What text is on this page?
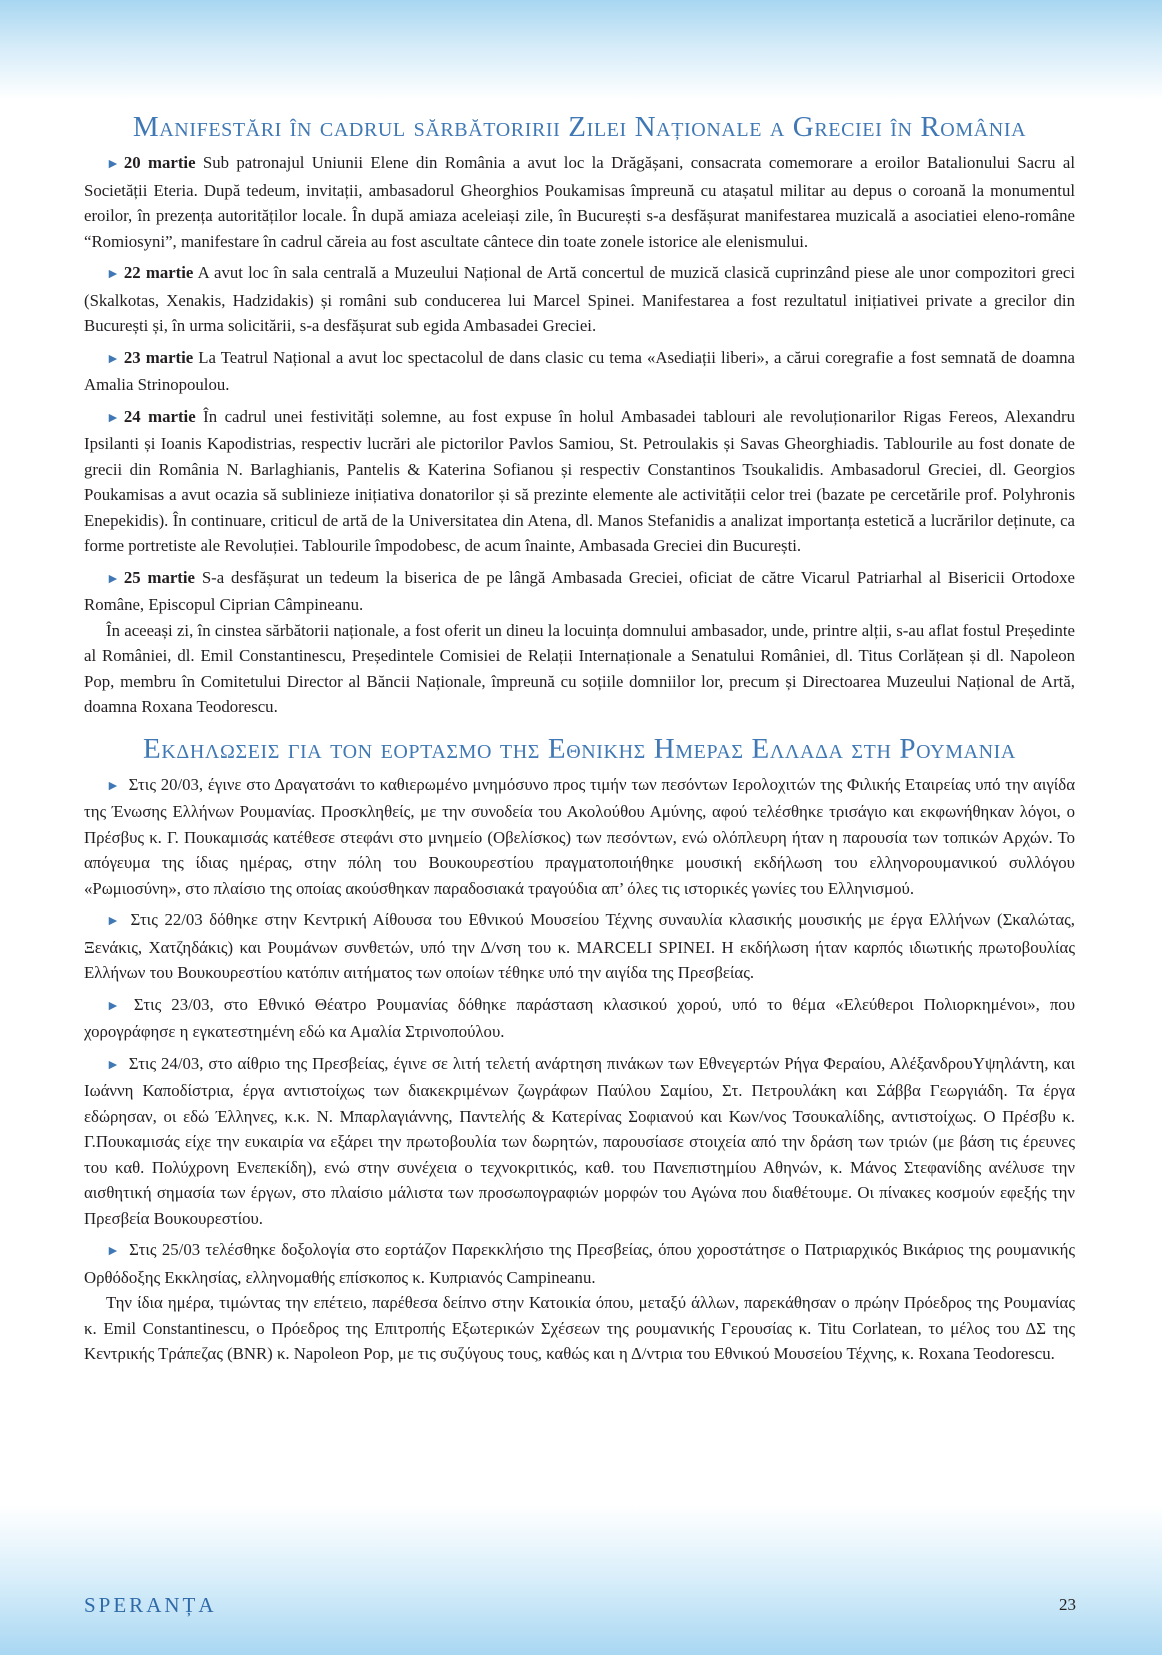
Manifestări în cadrul sărbătoririi Zilei Naționale a Greciei în România

► 20 martie Sub patronajul Uniunii Elene din România a avut loc la Drăgășani, consacrata comemorare a eroilor Batalionului Sacru al Societății Eteria. După tedeum, invitații, ambasadorul Gheorghios Poukamisas împreună cu atașatul militar au depus o coroană la monumentul eroilor, în prezența autorităților locale. În după amiaza aceleiași zile, în București s-a desfășurat manifestarea muzicală a asociatiei eleno-române “Romiosyni”, manifestare în cadrul căreia au fost ascultate cântece din toate zonele istorice ale elenismului.

► 22 martie A avut loc în sala centrală a Muzeului Național de Artă concertul de muzică clasică cuprinzând piese ale unor compozitori greci (Skalkotas, Xenakis, Hadzidakis) și români sub conducerea lui Marcel Spinei. Manifestarea a fost rezultatul inițiativei private a grecilor din București și, în urma solicitării, s-a desfășurat sub egida Ambasadei Greciei.

► 23 martie La Teatrul Național a avut loc spectacolul de dans clasic cu tema «Asediații liberi», a cărui coregrafie a fost semnată de doamna Amalia Strinopoulou.

► 24 martie În cadrul unei festivități solemne, au fost expuse în holul Ambasadei tablouri ale revoluționarilor Rigas Fereos, Alexandru Ipsilanti și Ioanis Kapodistrias, respectiv lucrări ale pictorilor Pavlos Samiou, St. Petroulakis și Savas Gheorghiadis. Tablourile au fost donate de grecii din România N. Barlaghianis, Pantelis & Katerina Sofianou și respectiv Constantinos Tsoukalidis. Ambasadorul Greciei, dl. Georgios Poukamisas a avut ocazia să sublinieze inițiativa donatorilor și să prezinte elemente ale activității celor trei (bazate pe cercetările prof. Polyhronis Enepekidis). În continuare, criticul de artă de la Universitatea din Atena, dl. Manos Stefanidis a analizat importanța estetică a lucrărilor deținute, ca forme portretiste ale Revoluției. Tablourile împodobesc, de acum înainte, Ambasada Greciei din București.

► 25 martie S-a desfășurat un tedeum la biserica de pe lângă Ambasada Greciei, oficiat de către Vicarul Patriarhal al Bisericii Ortodoxe Române, Episcopul Ciprian Câmpineanu.

În aceeași zi, în cinstea sărbătorii naționale, a fost oferit un dineu la locuința domnului ambasador, unde, printre alții, s-au aflat fostul Președinte al României, dl. Emil Constantinescu, Președintele Comisiei de Relații Internaționale a Senatului României, dl. Titus Corlățean și dl. Napoleon Pop, membru în Comitetului Director al Băncii Naționale, împreună cu soțiile domniilor lor, precum și Directoarea Muzeului Național de Artă, doamna Roxana Teodorescu.

Εκδηλωσεισ για τον εορτασμο τησ Εθνικησ Ημερασ Ελλαδα στη Ρουμανια

► Στις 20/03, έγινε στο Δραγατσάνι το καθιερωμένο μνημόσυνο προς τιμήν των πεσόντων Ιερολοχιτών της Φιλικής Εταιρείας υπό την αιγίδα της Ένωσης Ελλήνων Ρουμανίας. Προσκληθείς, με την συνοδεία του Ακολούθου Αμύνης, αφού τελέσθηκε τρισάγιο και εκφωνήθηκαν λόγοι, ο Πρέσβυς κ. Γ. Πουκαμισάς κατέθεσε στεφάνι στο μνημείο (Οβελίσκος) των πεσόντων, ενώ ολόπλευρη ήταν η παρουσία των τοπικών Αρχών. Το απόγευμα της ίδιας ημέρας, στην πόλη του Βουκουρεστίου πραγματοποιήθηκε μουσική εκδήλωση του ελληνορουμανικού συλλόγου «Ρωμιοσύνη», στο πλαίσιο της οποίας ακούσθηκαν παραδοσιακά τραγούδια απ’ όλες τις ιστορικές γωνίες του Ελληνισμού.

► Στις 22/03 δόθηκε στην Κεντρική Αίθουσα του Εθνικού Μουσείου Τέχνης συναυλία κλασικής μουσικής με έργα Ελλήνων (Σκαλώτας, Ξενάκις, Χατζηδάκις) και Ρουμάνων συνθετών, υπό την Δ/νση του κ. MARCELI SPINEI. Η εκδήλωση ήταν καρπός ιδιωτικής πρωτοβουλίας Ελλήνων του Βουκουρεστίου κατόπιν αιτήματος των οποίων τέθηκε υπό την αιγίδα της Πρεσβείας.

► Στις 23/03, στο Εθνικό Θέατρο Ρουμανίας δόθηκε παράσταση κλασικού χορού, υπό το θέμα «Ελεύθεροι Πολιορκημένοι», που χορογράφησε η εγκατεστημένη εδώ κα Αμαλία Στρινοπούλου.

► Στις 24/03, στο αίθριο της Πρεσβείας, έγινε σε λιτή τελετή ανάρτηση πινάκων των Εθνεγερτών Ρήγα Φεραίου, ΑλέξανδρουΥψηλάντη, και Ιωάννη Καποδίστρια, έργα αντιστοίχως των διακεκριμένων ζωγράφων Παύλου Σαμίου, Στ. Πετρουλάκη και Σάββα Γεωργιάδη. Τα έργα εδώρησαν, οι εδώ Έλληνες, κ.κ. Ν. Μπαρλαγιάννης, Παντελής & Κατερίνας Σοφιανού και Κων/νος Τσουκαλίδης, αντιστοίχως. Ο Πρέσβυ κ. Γ.Πουκαμισάς είχε την ευκαιρία να εξάρει την πρωτοβουλία των δωρητών, παρουσίασε στοιχεία από την δράση των τριών (με βάση τις έρευνες του καθ. Πολύχρονη Ενεπεκίδη), ενώ στην συνέχεια ο τεχνοκριτικός, καθ. του Πανεπιστημίου Αθηνών, κ. Μάνος Στεφανίδης ανέλυσε την αισθητική σημασία των έργων, στο πλαίσιο μάλιστα των προσωπογραφιών μορφών του Αγώνα που διαθέτουμε. Οι πίνακες κοσμούν εφεξής την Πρεσβεία Βουκουρεστίου.

► Στις 25/03 τελέσθηκε δοξολογία στο εορτάζον Παρεκκλήσιο της Πρεσβείας, όπου χοροστάτησε ο Πατριαρχικός Βικάριος της ρουμανικής Ορθόδοξης Εκκλησίας, ελληνομαθής επίσκοπος κ. Κυπριανός Campineanu.

Την ίδια ημέρα, τιμώντας την επέτειο, παρέθεσα δείπνο στην Κατοικία όπου, μεταξύ άλλων, παρεκάθησαν ο πρώην Πρόεδρος της Ρουμανίας κ. Emil Constantinescu, ο Πρόεδρος της Επιτροπής Εξωτερικών Σχέσεων της ρουμανικής Γερουσίας κ. Titu Corlatean, το μέλος του ΔΣ της Κεντρικής Τράπεζας (BNR) κ. Napoleon Pop, με τις συζύγους τους, καθώς και η Δ/ντρια του Εθνικού Μουσείου Τέχνης, κ. Roxana Teodorescu.

SPERANȚA	23
